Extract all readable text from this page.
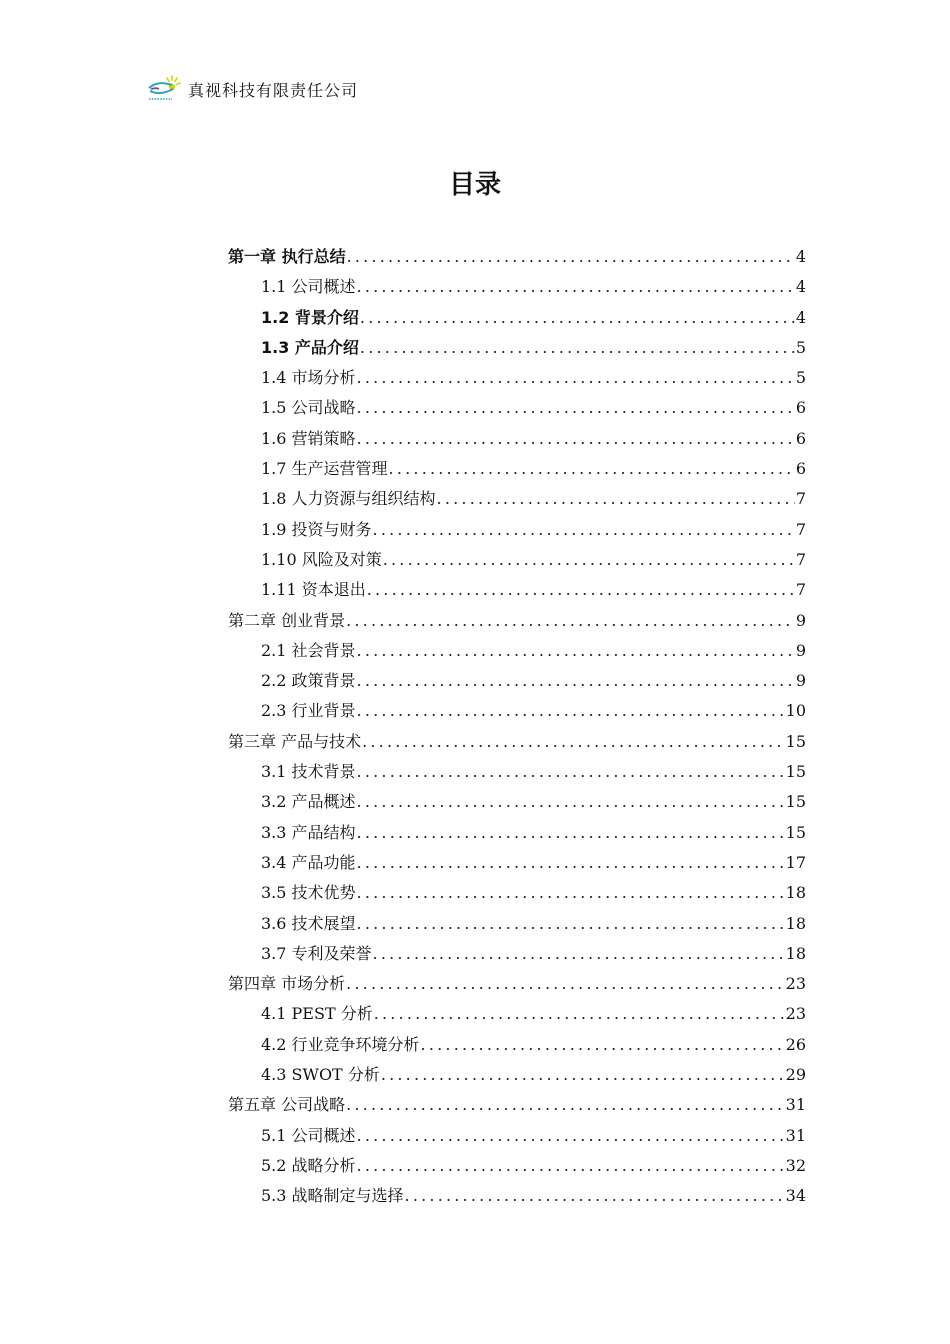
真视科技有限责任公司
目录
第一章 执行总结 .....	4
1.1 公司概述 .....	4
1.2 背景介绍 .....	4
1.3 产品介绍 .....	5
1.4 市场分析 .....	5
1.5 公司战略 .....	6
1.6 营销策略 .....	6
1.7 生产运营管理 .....	6
1.8 人力资源与组织结构 .....	7
1.9 投资与财务 .....	7
1.10 风险及对策 .....	7
1.11 资本退出 .....	7
第二章 创业背景 .....	9
2.1 社会背景 .....	9
2.2 政策背景 .....	9
2.3 行业背景 .....	10
第三章 产品与技术 .....	15
3.1 技术背景 .....	15
3.2 产品概述 .....	15
3.3 产品结构 .....	15
3.4 产品功能 .....	17
3.5 技术优势 .....	18
3.6 技术展望 .....	18
3.7 专利及荣誉 .....	18
第四章 市场分析 .....	23
4.1 PEST 分析 .....	23
4.2 行业竞争环境分析 .....	26
4.3 SWOT 分析 .....	29
第五章 公司战略 .....	31
5.1 公司概述 .....	31
5.2 战略分析 .....	32
5.3 战略制定与选择 .....	34
